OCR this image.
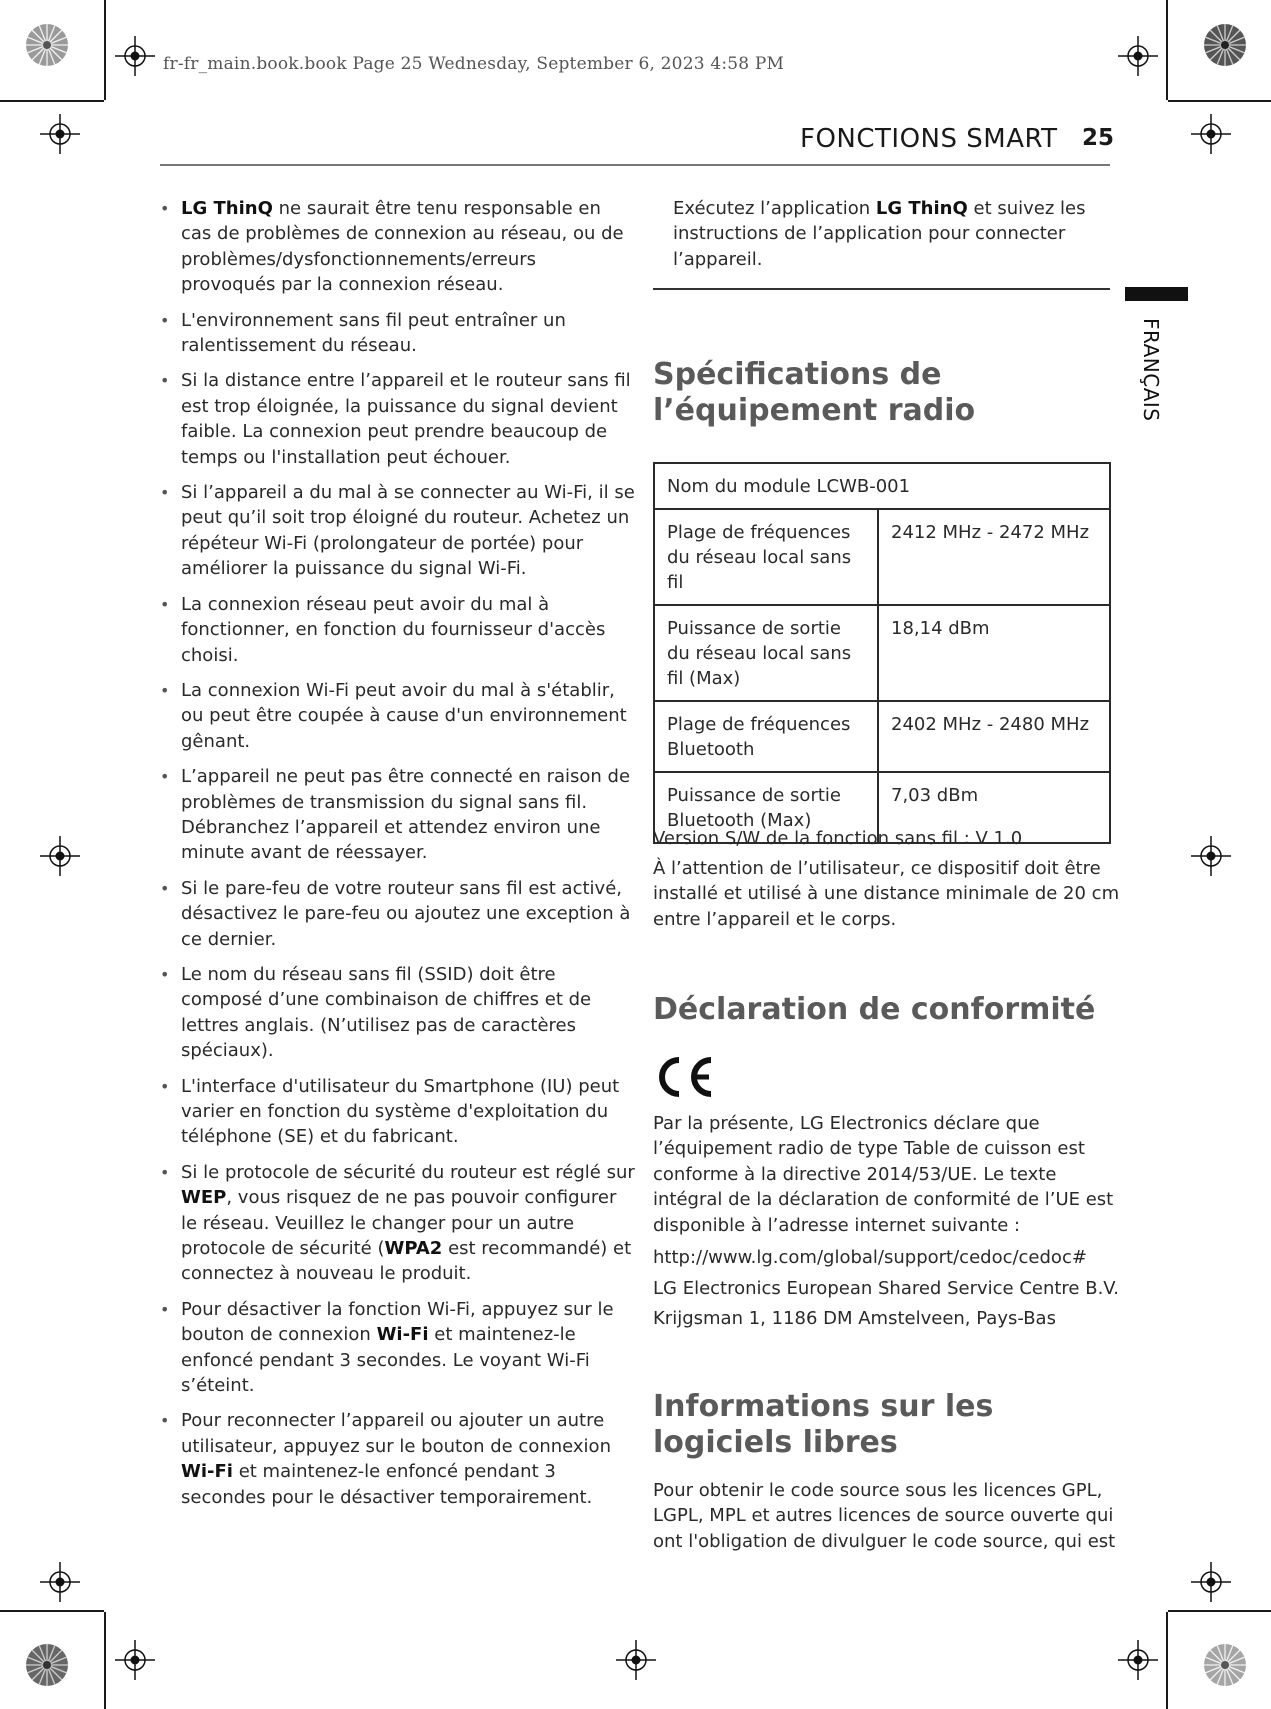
fr-fr_main.book.book Page 25 Wednesday, September 6, 2023 4:58 PM
FONCTIONS SMART 25
FRANÇAIS
• LG ThinQ ne saurait être tenu responsable en cas de problèmes de connexion au réseau, ou de problèmes/dysfonctionnements/erreurs provoqués par la connexion réseau.
• L'environnement sans fil peut entraîner un ralentissement du réseau.
• Si la distance entre l’appareil et le routeur sans fil est trop éloignée, la puissance du signal devient faible. La connexion peut prendre beaucoup de temps ou l'installation peut échouer.
• Si l’appareil a du mal à se connecter au Wi-Fi, il se peut qu’il soit trop éloigné du routeur. Achetez un répéteur Wi-Fi (prolongateur de portée) pour améliorer la puissance du signal Wi-Fi.
• La connexion réseau peut avoir du mal à fonctionner, en fonction du fournisseur d'accès choisi.
• La connexion Wi-Fi peut avoir du mal à s'établir, ou peut être coupée à cause d'un environnement gênant.
• L’appareil ne peut pas être connecté en raison de problèmes de transmission du signal sans fil. Débranchez l’appareil et attendez environ une minute avant de réessayer.
• Si le pare-feu de votre routeur sans fil est activé, désactivez le pare-feu ou ajoutez une exception à ce dernier.
• Le nom du réseau sans fil (SSID) doit être composé d’une combinaison de chiffres et de lettres anglais. (N’utilisez pas de caractères spéciaux).
• L'interface d'utilisateur du Smartphone (IU) peut varier en fonction du système d'exploitation du téléphone (SE) et du fabricant.
• Si le protocole de sécurité du routeur est réglé sur WEP, vous risquez de ne pas pouvoir configurer le réseau. Veuillez le changer pour un autre protocole de sécurité (WPA2 est recommandé) et connectez à nouveau le produit.
• Pour désactiver la fonction Wi-Fi, appuyez sur le bouton de connexion Wi-Fi et maintenez-le enfoncé pendant 3 secondes. Le voyant Wi-Fi s’éteint.
• Pour reconnecter l’appareil ou ajouter un autre utilisateur, appuyez sur le bouton de connexion Wi-Fi et maintenez-le enfoncé pendant 3 secondes pour le désactiver temporairement.

Exécutez l’application LG ThinQ et suivez les instructions de l’application pour connecter l’appareil.

Spécifications de l’équipement radio
Nom du module LCWB-001	
Plage de fréquences du réseau local sans fil	2412 MHz - 2472 MHz
Puissance de sortie du réseau local sans fil (Max)	18,14 dBm
Plage de fréquences Bluetooth	2402 MHz - 2480 MHz
Puissance de sortie Bluetooth (Max)	7,03 dBm

Version S/W de la fonction sans fil : V 1.0

À l’attention de l’utilisateur, ce dispositif doit être installé et utilisé à une distance minimale de 20 cm entre l’appareil et le corps.

Déclaration de conformité

Par la présente, LG Electronics déclare que l’équipement radio de type Table de cuisson est conforme à la directive 2014/53/UE. Le texte intégral de la déclaration de conformité de l’UE est disponible à l’adresse internet suivante :

http://www.lg.com/global/support/cedoc/cedoc#

LG Electronics European Shared Service Centre B.V.

Krijgsman 1, 1186 DM Amstelveen, Pays-Bas

Informations sur les logiciels libres

Pour obtenir le code source sous les licences GPL, LGPL, MPL et autres licences de source ouverte qui ont l'obligation de divulguer le code source, qui est
